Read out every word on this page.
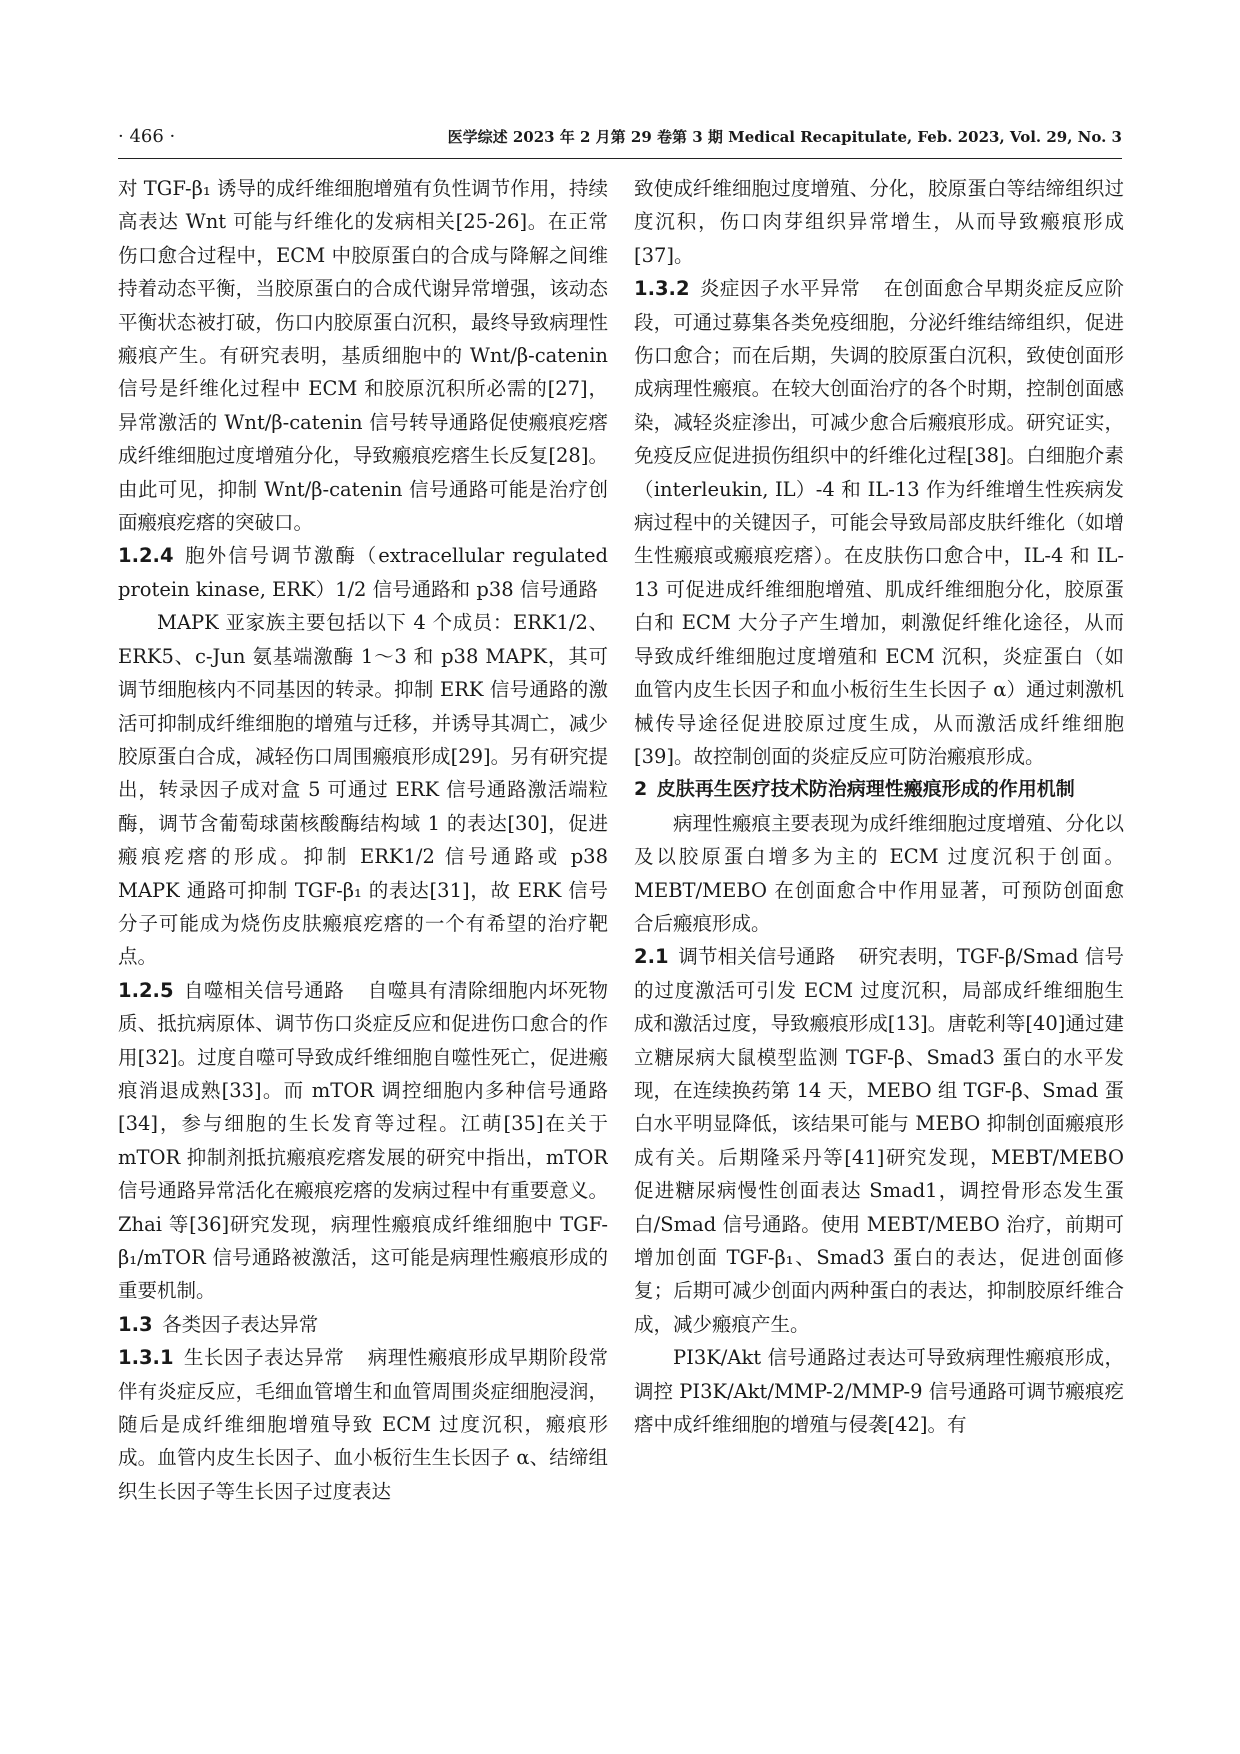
· 466 ·	医学综述 2023 年 2 月第 29 卷第 3 期 Medical Recapitulate, Feb. 2023, Vol. 29, No. 3

对 TGF-β₁ 诱导的成纤维细胞增殖有负性调节作用，持续高表达 Wnt 可能与纤维化的发病相关[25-26]。在正常伤口愈合过程中，ECM 中胶原蛋白的合成与降解之间维持着动态平衡，当胶原蛋白的合成代谢异常增强，该动态平衡状态被打破，伤口内胶原蛋白沉积，最终导致病理性瘢痕产生。有研究表明，基质细胞中的 Wnt/β-catenin 信号是纤维化过程中 ECM 和胶原沉积所必需的[27]，异常激活的 Wnt/β-catenin 信号转导通路促使瘢痕疙瘩成纤维细胞过度增殖分化，导致瘢痕疙瘩生长反复[28]。由此可见，抑制 Wnt/β-catenin 信号通路可能是治疗创面瘢痕疙瘩的突破口。

1.2.4 胞外信号调节激酶（extracellular regulated protein kinase, ERK）1/2 信号通路和 p38 信号通路

MAPK 亚家族主要包括以下 4 个成员：ERK1/2、ERK5、c-Jun 氨基端激酶 1～3 和 p38 MAPK，其可调节细胞核内不同基因的转录。抑制 ERK 信号通路的激活可抑制成纤维细胞的增殖与迁移，并诱导其凋亡，减少胶原蛋白合成，减轻伤口周围瘢痕形成[29]。另有研究提出，转录因子成对盒 5 可通过 ERK 信号通路激活端粒酶，调节含葡萄球菌核酸酶结构域 1 的表达[30]，促进瘢痕疙瘩的形成。抑制 ERK1/2 信号通路或 p38 MAPK 通路可抑制 TGF-β₁ 的表达[31]，故 ERK 信号分子可能成为烧伤皮肤瘢痕疙瘩的一个有希望的治疗靶点。

1.2.5 自噬相关信号通路 自噬具有清除细胞内坏死物质、抵抗病原体、调节伤口炎症反应和促进伤口愈合的作用[32]。过度自噬可导致成纤维细胞自噬性死亡，促进瘢痕消退成熟[33]。而 mTOR 调控细胞内多种信号通路[34]，参与细胞的生长发育等过程。江萌[35]在关于 mTOR 抑制剂抵抗瘢痕疙瘩发展的研究中指出，mTOR 信号通路异常活化在瘢痕疙瘩的发病过程中有重要意义。Zhai 等[36]研究发现，病理性瘢痕成纤维细胞中 TGF-β₁/mTOR 信号通路被激活，这可能是病理性瘢痕形成的重要机制。

1.3 各类因子表达异常

1.3.1 生长因子表达异常 病理性瘢痕形成早期阶段常伴有炎症反应，毛细血管增生和血管周围炎症细胞浸润，随后是成纤维细胞增殖导致 ECM 过度沉积，瘢痕形成。血管内皮生长因子、血小板衍生生长因子 α、结缔组织生长因子等生长因子过度表达

致使成纤维细胞过度增殖、分化，胶原蛋白等结缔组织过度沉积，伤口肉芽组织异常增生，从而导致瘢痕形成[37]。

1.3.2 炎症因子水平异常 在创面愈合早期炎症反应阶段，可通过募集各类免疫细胞，分泌纤维结缔组织，促进伤口愈合；而在后期，失调的胶原蛋白沉积，致使创面形成病理性瘢痕。在较大创面治疗的各个时期，控制创面感染，减轻炎症渗出，可减少愈合后瘢痕形成。研究证实，免疫反应促进损伤组织中的纤维化过程[38]。白细胞介素（interleukin, IL）-4 和 IL-13 作为纤维增生性疾病发病过程中的关键因子，可能会导致局部皮肤纤维化（如增生性瘢痕或瘢痕疙瘩）。在皮肤伤口愈合中，IL-4 和 IL-13 可促进成纤维细胞增殖、肌成纤维细胞分化，胶原蛋白和 ECM 大分子产生增加，刺激促纤维化途径，从而导致成纤维细胞过度增殖和 ECM 沉积，炎症蛋白（如血管内皮生长因子和血小板衍生生长因子 α）通过刺激机械传导途径促进胶原过度生成，从而激活成纤维细胞[39]。故控制创面的炎症反应可防治瘢痕形成。

2 皮肤再生医疗技术防治病理性瘢痕形成的作用机制

病理性瘢痕主要表现为成纤维细胞过度增殖、分化以及以胶原蛋白增多为主的 ECM 过度沉积于创面。MEBT/MEBO 在创面愈合中作用显著，可预防创面愈合后瘢痕形成。

2.1 调节相关信号通路 研究表明，TGF-β/Smad 信号的过度激活可引发 ECM 过度沉积，局部成纤维细胞生成和激活过度，导致瘢痕形成[13]。唐乾利等[40]通过建立糖尿病大鼠模型监测 TGF-β、Smad3 蛋白的水平发现，在连续换药第 14 天，MEBO 组 TGF-β、Smad 蛋白水平明显降低，该结果可能与 MEBO 抑制创面瘢痕形成有关。后期隆采丹等[41]研究发现，MEBT/MEBO 促进糖尿病慢性创面表达 Smad1，调控骨形态发生蛋白/Smad 信号通路。使用 MEBT/MEBO 治疗，前期可增加创面 TGF-β₁、Smad3 蛋白的表达，促进创面修复；后期可减少创面内两种蛋白的表达，抑制胶原纤维合成，减少瘢痕产生。

PI3K/Akt 信号通路过表达可导致病理性瘢痕形成，调控 PI3K/Akt/MMP-2/MMP-9 信号通路可调节瘢痕疙瘩中成纤维细胞的增殖与侵袭[42]。有
